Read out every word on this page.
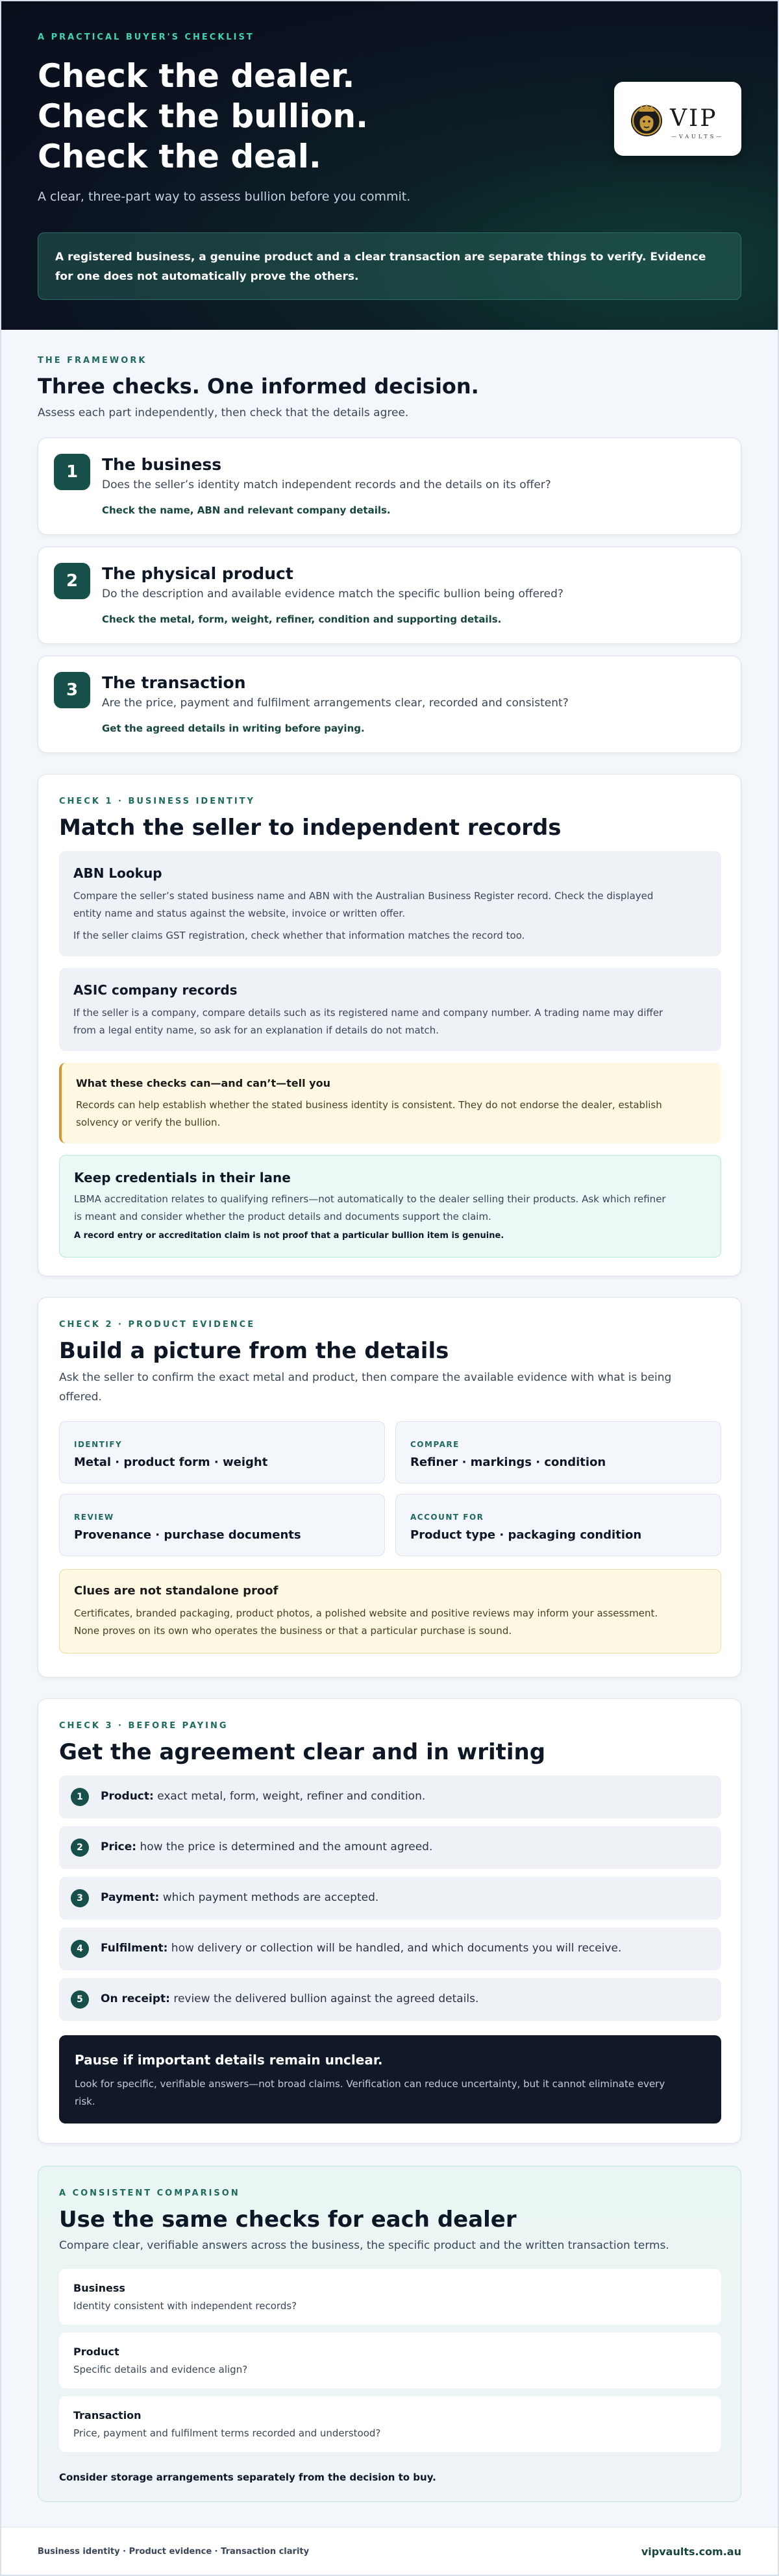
A PRACTICAL BUYER'S CHECKLIST
Check the dealer.
Check the bullion.
Check the deal.

A clear, three-part way to assess bullion before you commit.

VIP
—VAULTS—
A registered business, a genuine product and a clear transaction are separate things to verify. Evidence for one does not automatically prove the others.
THE FRAMEWORK
Three checks. One informed decision.

Assess each part independently, then check that the details agree.

1	The business
Does the seller’s identity match independent records and the details on its offer?
Check the name, ABN and relevant company details.
2	The physical product
Do the description and available evidence match the specific bullion being offered?
Check the metal, form, weight, refiner, condition and supporting details.
3	The transaction
Are the price, payment and fulfilment arrangements clear, recorded and consistent?
Get the agreed details in writing before paying.
CHECK 1 · BUSINESS IDENTITY
Match the seller to independent records
ABN Lookup
Compare the seller’s stated business name and ABN with the Australian Business Register record. Check the displayed
entity name and status against the website, invoice or written offer.
If the seller claims GST registration, check whether that information matches the record too.
ASIC company records
If the seller is a company, compare details such as its registered name and company number. A trading name may differ
from a legal entity name, so ask for an explanation if details do not match.
What these checks can—and can’t—tell you
Records can help establish whether the stated business identity is consistent. They do not endorse the dealer, establish
solvency or verify the bullion.
Keep credentials in their lane
LBMA accreditation relates to qualifying refiners—not automatically to the dealer selling their products. Ask which refiner
is meant and consider whether the product details and documents support the claim.
A record entry or accreditation claim is not proof that a particular bullion item is genuine.
CHECK 2 · PRODUCT EVIDENCE
Build a picture from the details
Ask the seller to confirm the exact metal and product, then compare the available evidence with what is being
offered.
IDENTIFY
Metal · product form · weight
COMPARE
Refiner · markings · condition
REVIEW
Provenance · purchase documents
ACCOUNT FOR
Product type · packaging condition
Clues are not standalone proof
Certificates, branded packaging, product photos, a polished website and positive reviews may inform your assessment.
None proves on its own who operates the business or that a particular purchase is sound.
CHECK 3 · BEFORE PAYING
Get the agreement clear and in writing
1	Product: exact metal, form, weight, refiner and condition.
2	Price: how the price is determined and the amount agreed.
3	Payment: which payment methods are accepted.
4	Fulfilment: how delivery or collection will be handled, and which documents you will receive.
5	On receipt: review the delivered bullion against the agreed details.
Pause if important details remain unclear.
Look for specific, verifiable answers—not broad claims. Verification can reduce uncertainty, but it cannot eliminate every
risk.
A CONSISTENT COMPARISON
Use the same checks for each dealer
Compare clear, verifiable answers across the business, the specific product and the written transaction terms.
Business
Identity consistent with independent records?
Product
Specific details and evidence align?
Transaction
Price, payment and fulfilment terms recorded and understood?
Consider storage arrangements separately from the decision to buy.
Business identity · Product evidence · Transaction clarity	vipvaults.com.au
